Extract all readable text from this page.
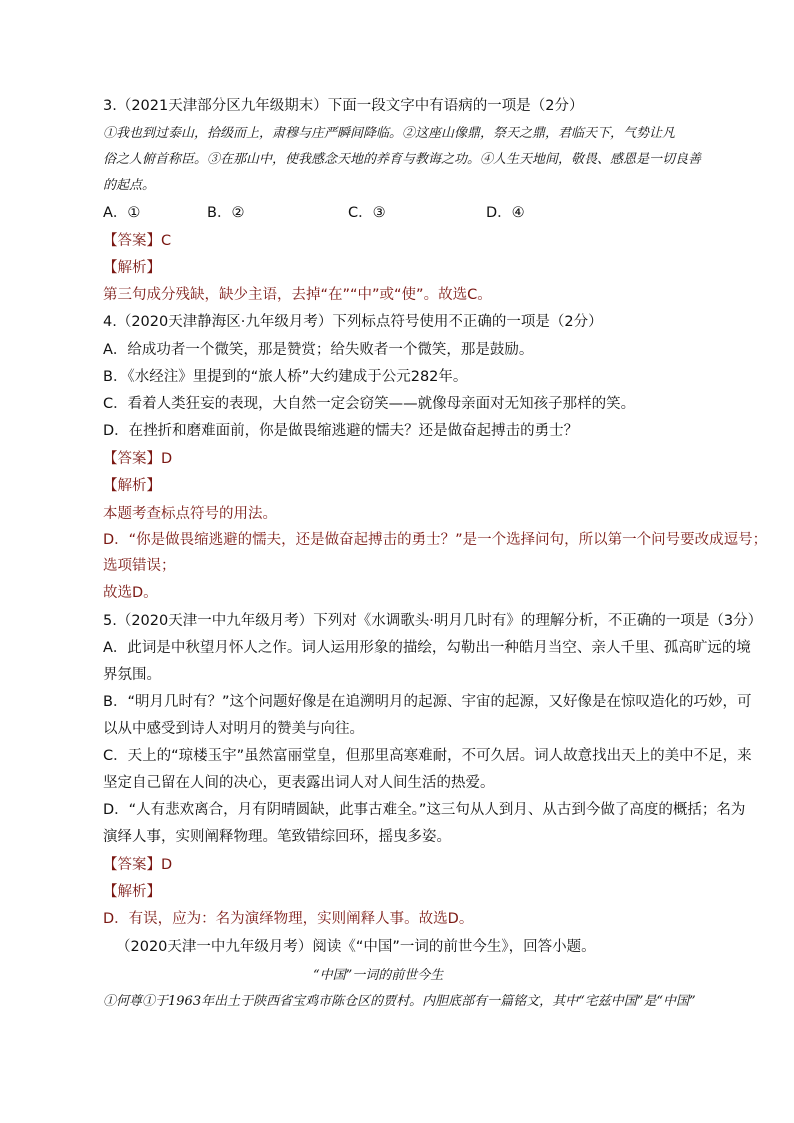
3.（2021天津部分区九年级期末）下面一段文字中有语病的一项是（2分）
①我也到过泰山，拾级而上，肃穆与庄严瞬间降临。②这座山像鼎，祭天之鼎，君临天下，气势让凡
俗之人俯首称臣。③在那山中，使我感念天地的养育与教诲之功。④人生天地间，敬畏、感恩是一切良善
的起点。
A．①	B．②	C．③	D．④
【答案】C
【解析】
第三句成分残缺，缺少主语，去掉“在”“中”或“使”。故选C。
4.（2020天津静海区·九年级月考）下列标点符号使用不正确的一项是（2分）
A．给成功者一个微笑，那是赞赏；给失败者一个微笑，那是鼓励。
B．《水经注》里提到的“旅人桥”大约建成于公元282年。
C．看着人类狂妄的表现，大自然一定会窃笑——就像母亲面对无知孩子那样的笑。
D．在挫折和磨难面前，你是做畏缩逃避的懦夫？还是做奋起搏击的勇士？
【答案】D
【解析】
本题考查标点符号的用法。
D．“你是做畏缩逃避的懦夫，还是做奋起搏击的勇士？”是一个选择问句，所以第一个问号要改成逗号；
选项错误；
故选D。
5.（2020天津一中九年级月考）下列对《水调歌头·明月几时有》的理解分析，不正确的一项是（3分）
A．此词是中秋望月怀人之作。词人运用形象的描绘，勾勒出一种皓月当空、亲人千里、孤高旷远的境
界氛围。
B．“明月几时有？”这个问题好像是在追溯明月的起源、宇宙的起源，又好像是在惊叹造化的巧妙，可
以从中感受到诗人对明月的赞美与向往。
C．天上的“琼楼玉宇”虽然富丽堂皇，但那里高寒难耐，不可久居。词人故意找出天上的美中不足，来
坚定自己留在人间的决心，更表露出词人对人间生活的热爱。
D．“人有悲欢离合，月有阴晴圆缺，此事古难全。”这三句从人到月、从古到今做了高度的概括；名为
演绎人事，实则阐释物理。笔致错综回环，摇曳多姿。
【答案】D
【解析】
D．有误，应为：名为演绎物理，实则阐释人事。故选D。
（2020天津一中九年级月考）阅读《“中国”一词的前世今生》，回答小题。
“中国”一词的前世今生
①何尊①于1963年出土于陕西省宝鸡市陈仓区的贾村。内胆底部有一篇铭文，其中“宅兹中国”是“中国”
